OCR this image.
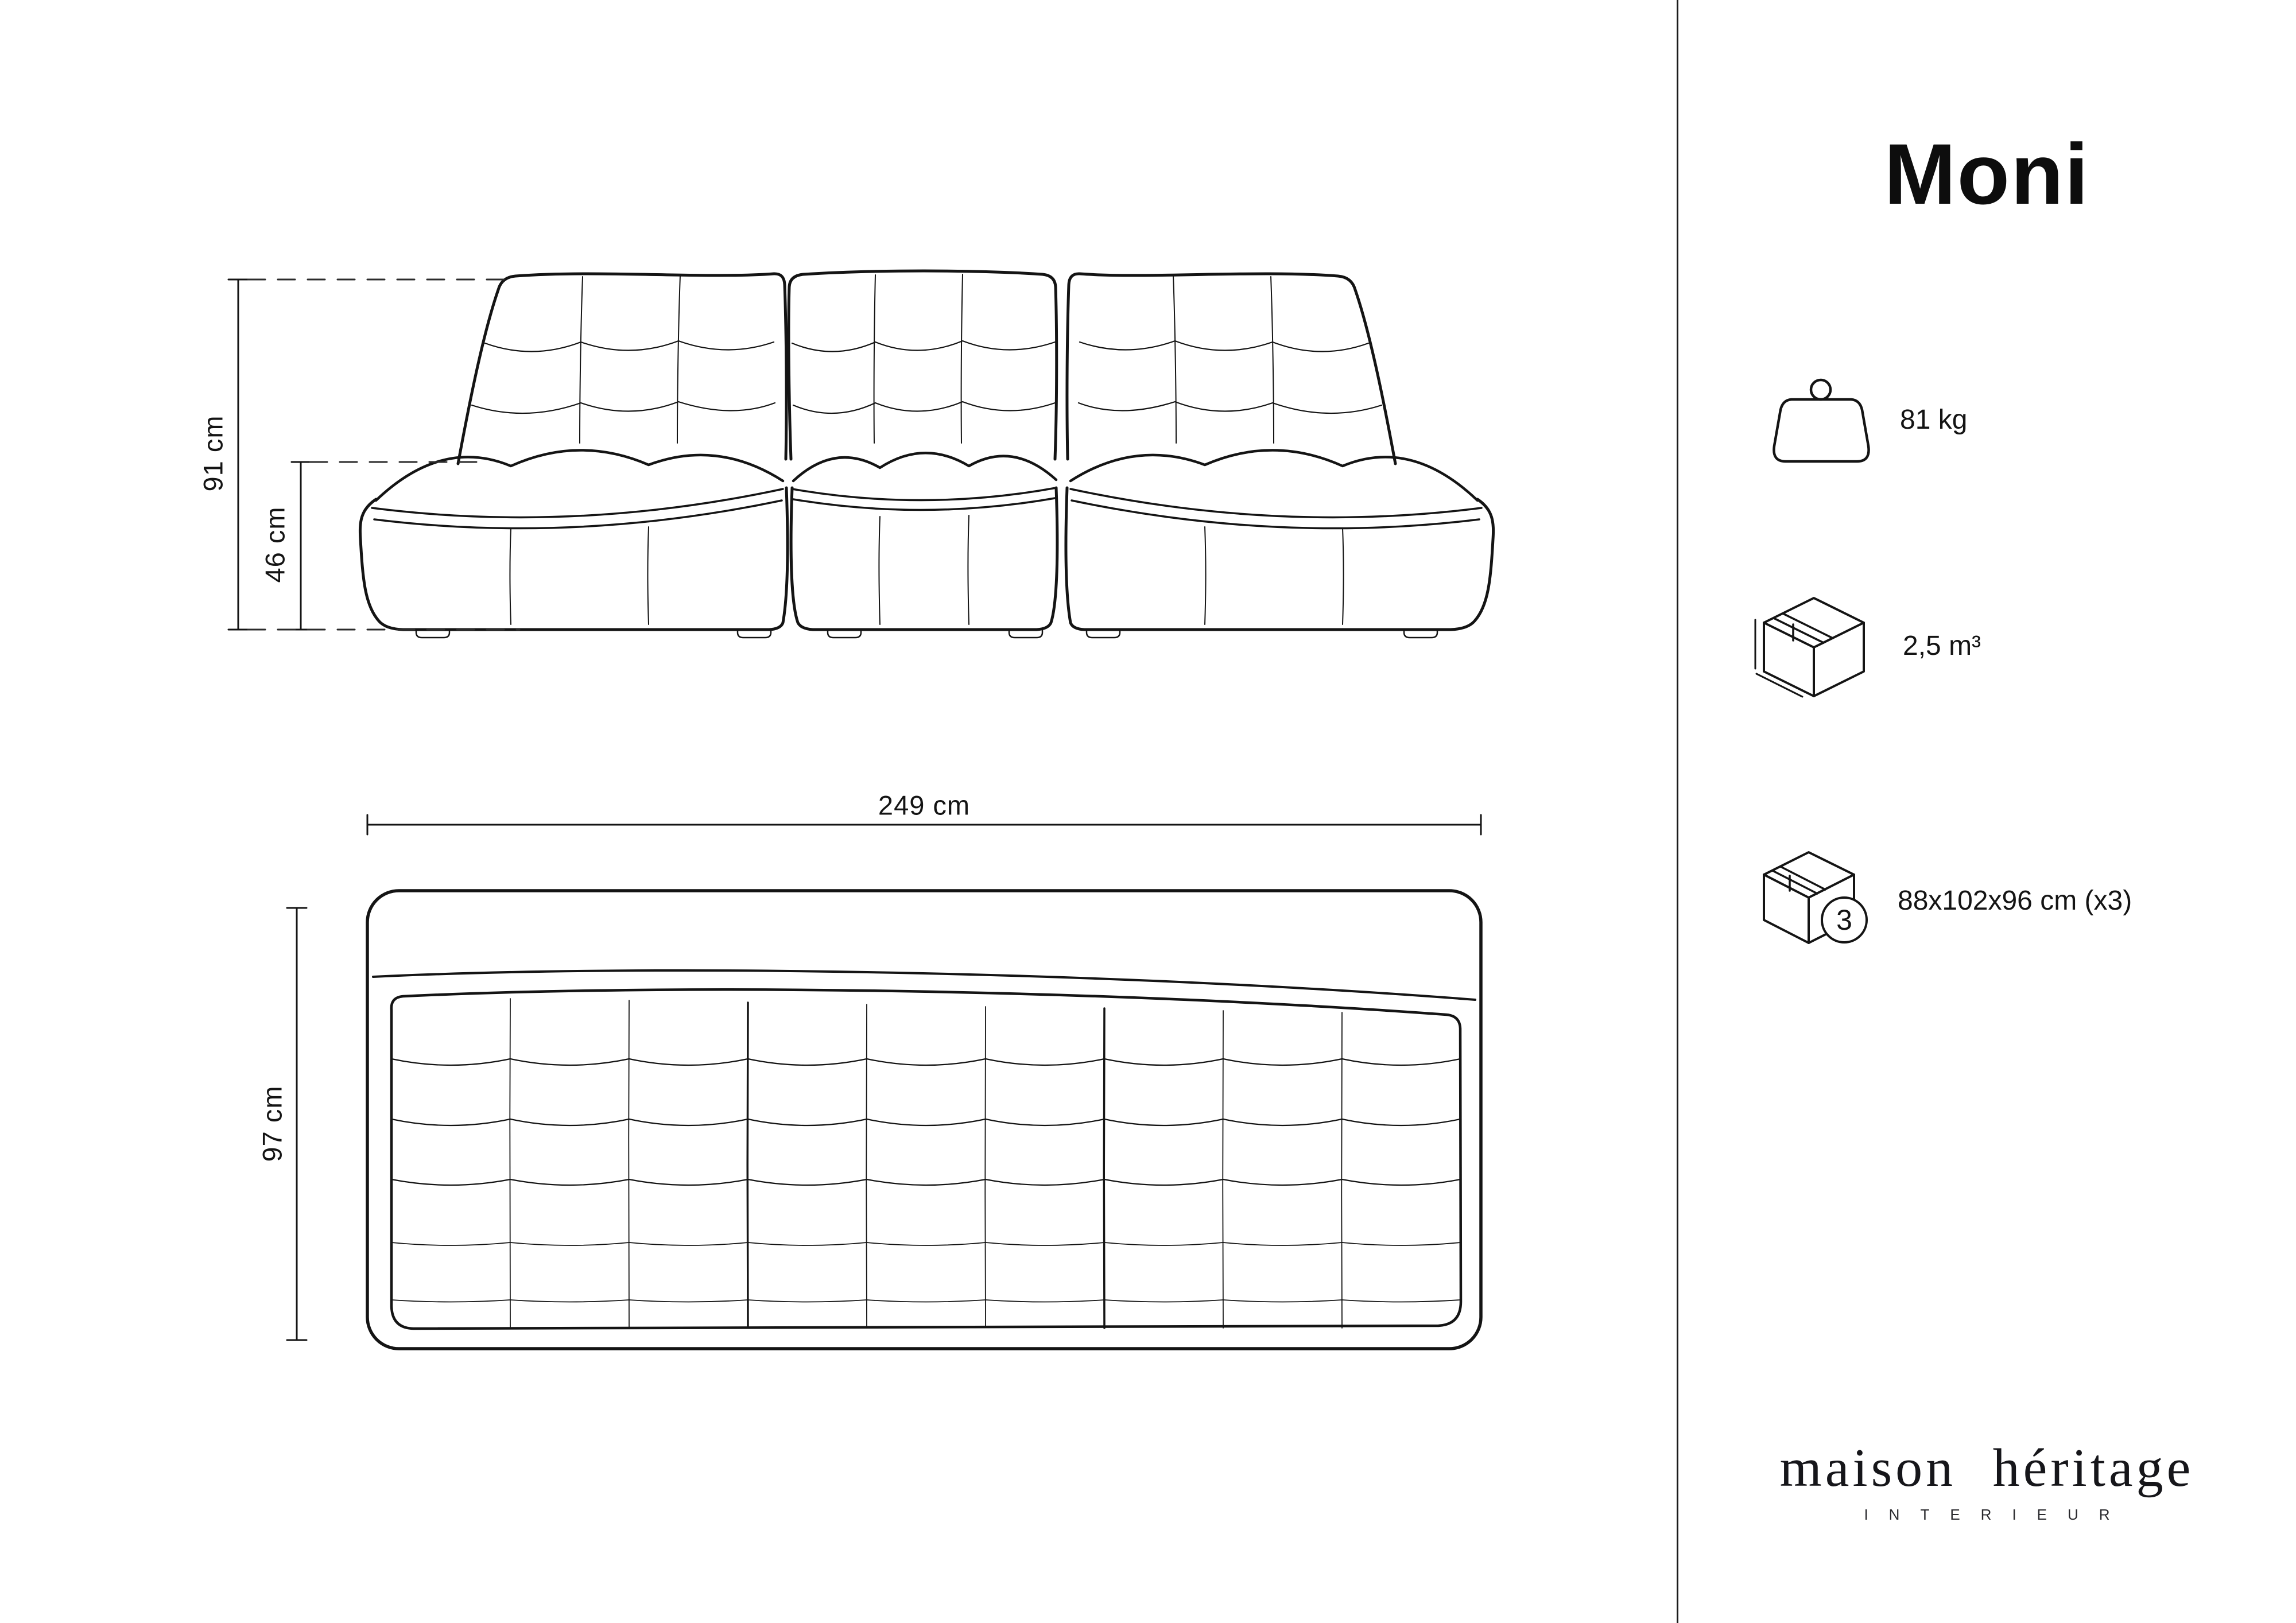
91 cm
46 cm
249 cm
97 cm
Moni
81 kg
2,5 m³
3
88x102x96 cm (x3)
maison héritage
INTERIEUR
